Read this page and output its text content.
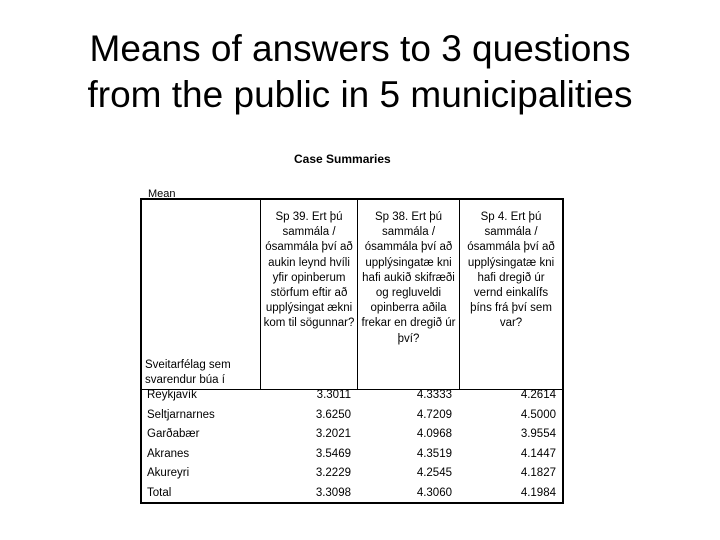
Means of answers to 3 questions
from the public in 5 municipalities
Case Summaries
Mean
Sveitarfélag sem svarendur búa í
Sp 39. Ert þú sammála / ósammála því að aukin leynd hvíli yfir opinberum störfum eftir að upplýsingat ækni kom til sögunnar?
Sp 38. Ert þú sammála / ósammála því að upplýsingatæ kni hafi aukið skifræði og regluveldi opinberra aðila frekar en dregið úr því?
Sp 4. Ert þú sammála / ósammála því að upplýsingatæ kni hafi dregið úr vernd einkalífs þíns frá því sem var?
Reykjavík	3.3011	4.3333	4.2614
Seltjarnarnes	3.6250	4.7209	4.5000
Garðabær	3.2021	4.0968	3.9554
Akranes	3.5469	4.3519	4.1447
Akureyri	3.2229	4.2545	4.1827
Total	3.3098	4.3060	4.1984
